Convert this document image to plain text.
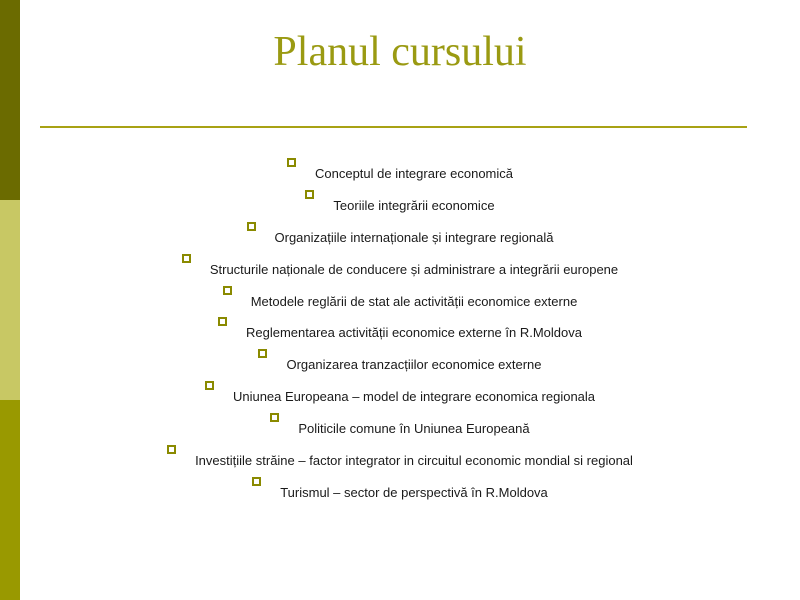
Planul cursului
Conceptul de integrare economică
Teoriile integrării economice
Organizațiile internaționale și integrare regională
Structurile naționale de conducere și administrare a integrării europene
Metodele reglării de stat ale activității economice externe
Reglementarea activității economice externe în R.Moldova
Organizarea tranzacțiilor economice externe
Uniunea Europeana – model de integrare economica regionala
Politicile comune în Uniunea Europeană
Investițiile străine – factor integrator in circuitul economic mondial si regional
Turismul – sector de perspectivă în R.Moldova
